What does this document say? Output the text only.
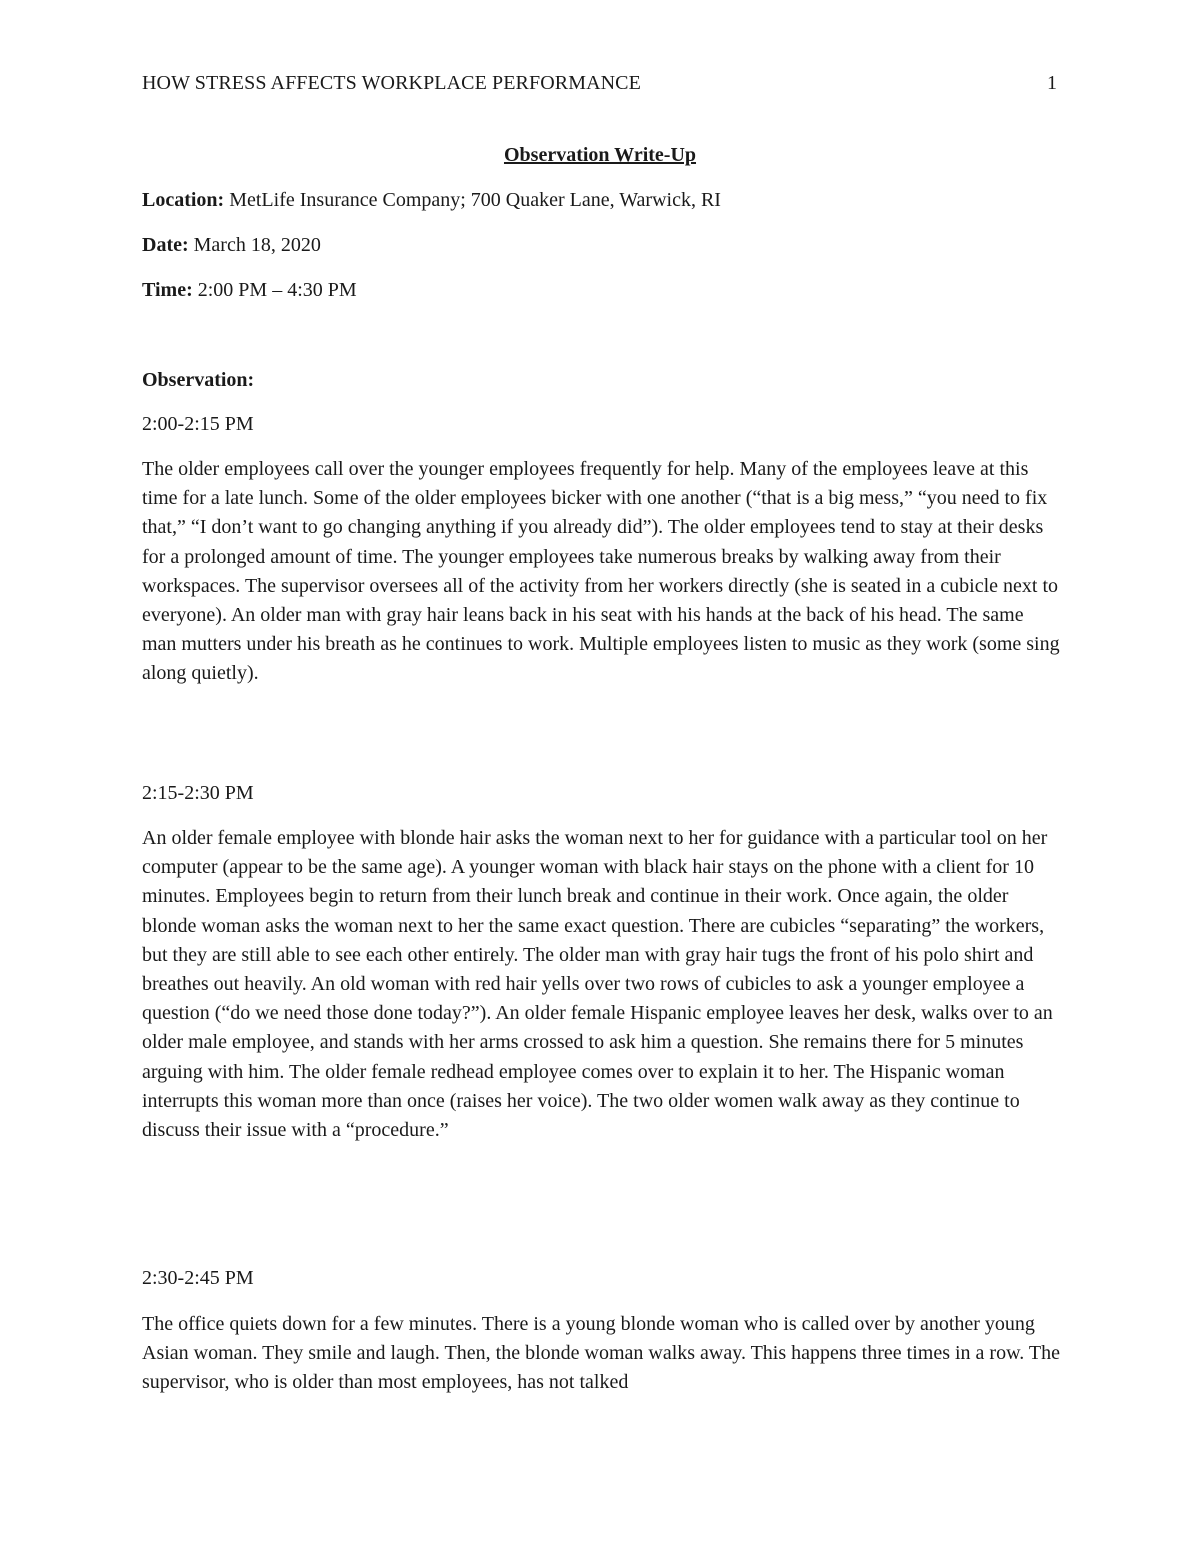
HOW STRESS AFFECTS WORKPLACE PERFORMANCE	1
Observation Write-Up
Location: MetLife Insurance Company; 700 Quaker Lane, Warwick, RI
Date: March 18, 2020
Time: 2:00 PM – 4:30 PM
Observation:
2:00-2:15 PM

The older employees call over the younger employees frequently for help. Many of the employees leave at this time for a late lunch. Some of the older employees bicker with one another (“that is a big mess,” “you need to fix that,” “I don’t want to go changing anything if you already did”). The older employees tend to stay at their desks for a prolonged amount of time. The younger employees take numerous breaks by walking away from their workspaces. The supervisor oversees all of the activity from her workers directly (she is seated in a cubicle next to everyone). An older man with gray hair leans back in his seat with his hands at the back of his head. The same man mutters under his breath as he continues to work. Multiple employees listen to music as they work (some sing along quietly).

2:15-2:30 PM

An older female employee with blonde hair asks the woman next to her for guidance with a particular tool on her computer (appear to be the same age). A younger woman with black hair stays on the phone with a client for 10 minutes. Employees begin to return from their lunch break and continue in their work. Once again, the older blonde woman asks the woman next to her the same exact question. There are cubicles “separating” the workers, but they are still able to see each other entirely. The older man with gray hair tugs the front of his polo shirt and breathes out heavily. An old woman with red hair yells over two rows of cubicles to ask a younger employee a question (“do we need those done today?”). An older female Hispanic employee leaves her desk, walks over to an older male employee, and stands with her arms crossed to ask him a question. She remains there for 5 minutes arguing with him. The older female redhead employee comes over to explain it to her. The Hispanic woman interrupts this woman more than once (raises her voice). The two older women walk away as they continue to discuss their issue with a “procedure.”

2:30-2:45 PM

The office quiets down for a few minutes. There is a young blonde woman who is called over by another young Asian woman. They smile and laugh. Then, the blonde woman walks away. This happens three times in a row. The supervisor, who is older than most employees, has not talked
